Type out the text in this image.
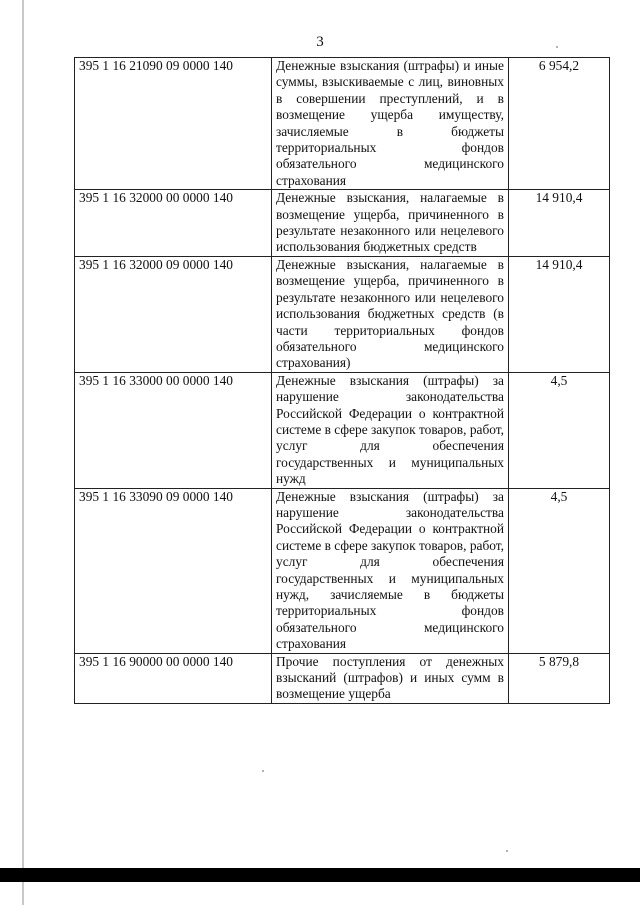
3
395 1 16 21090 09 0000 140	Денежные взыскания (штрафы) и иные суммы, взыскиваемые с лиц, виновных в совершении преступлений, и в возмещение ущерба имуществу, зачисляемые в бюджеты территориальных фондов обязательного медицинского страхования	6 954,2
395 1 16 32000 00 0000 140	Денежные взыскания, налагаемые в возмещение ущерба, причиненного в результате незаконного или нецелевого использования бюджетных средств	14 910,4
395 1 16 32000 09 0000 140	Денежные взыскания, налагаемые в возмещение ущерба, причиненного в результате незаконного или нецелевого использования бюджетных средств (в части территориальных фондов обязательного медицинского страхования)	14 910,4
395 1 16 33000 00 0000 140	Денежные взыскания (штрафы) за нарушение законодательства Российской Федерации о контрактной системе в сфере закупок товаров, работ, услуг для обеспечения государственных и муниципальных нужд	4,5
395 1 16 33090 09 0000 140	Денежные взыскания (штрафы) за нарушение законодательства Российской Федерации о контрактной системе в сфере закупок товаров, работ, услуг для обеспечения государственных и муниципальных нужд, зачисляемые в бюджеты территориальных фондов обязательного медицинского страхования	4,5
395 1 16 90000 00 0000 140	Прочие поступления от денежных взысканий (штрафов) и иных сумм в возмещение ущерба	5 879,8
